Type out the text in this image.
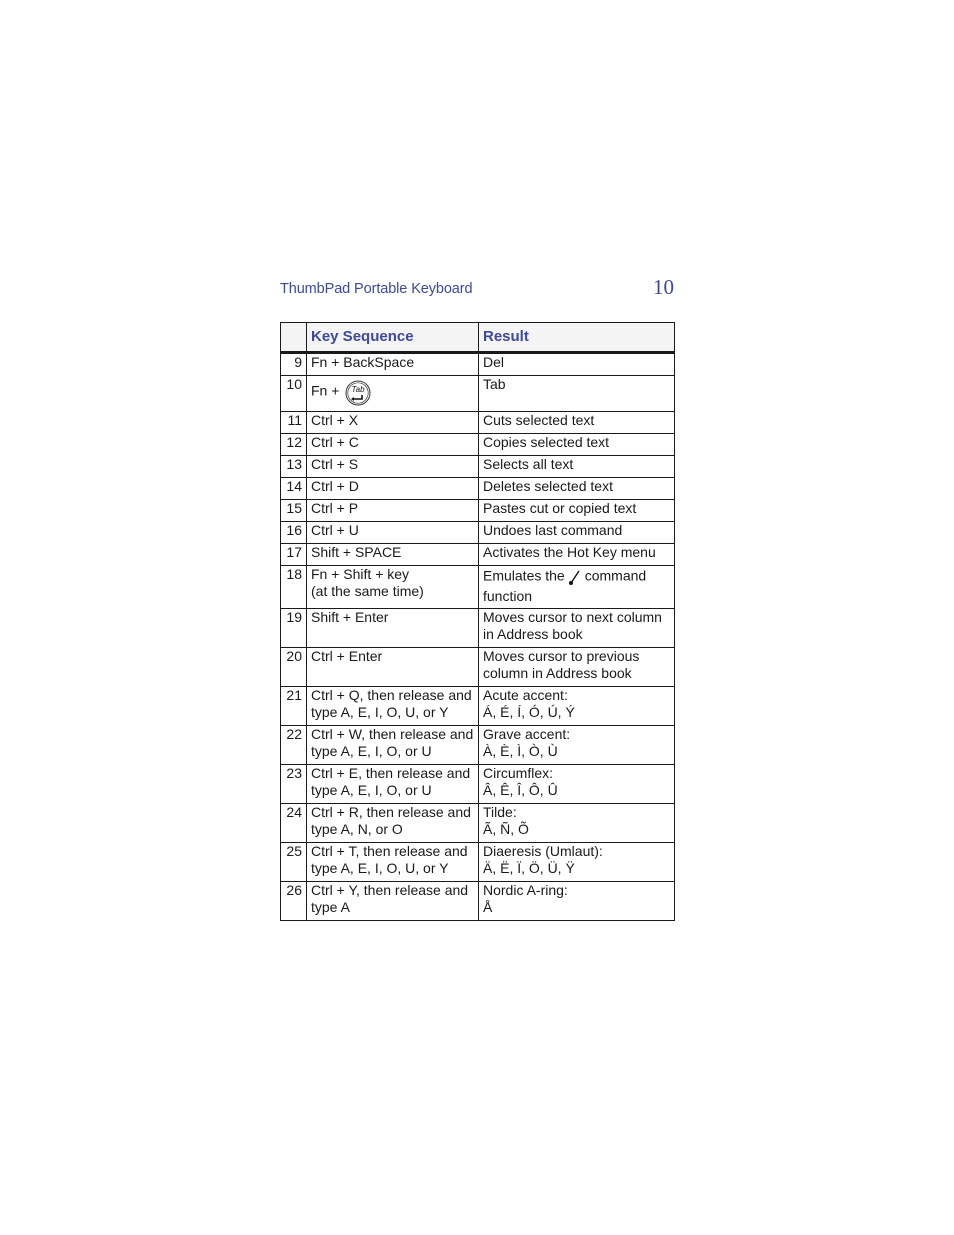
ThumbPad Portable Keyboard	10
	Key Sequence	Result
9	Fn + BackSpace	Del

10	Fn + Tab	Tab

11	Ctrl + X	Cuts selected text

12	Ctrl + C	Copies selected text

13	Ctrl + S	Selects all text

14	Ctrl + D	Deletes selected text

15	Ctrl + P	Pastes cut or copied text

16	Ctrl + U	Undoes last command

17	Shift + SPACE	Activates the Hot Key menu

18	Fn + Shift + key
(at the same time)	Emulates the command
function

19	Shift + Enter	Moves cursor to next column
in Address book

20	Ctrl + Enter	Moves cursor to previous
column in Address book

21	Ctrl + Q, then release and
type A, E, I, O, U, or Y	Acute accent:
Á, É, Í, Ó, Ú, Ý

22	Ctrl + W, then release and
type A, E, I, O, or U	Grave accent:
À, È, Ì, Ò, Ù

23	Ctrl + E, then release and
type A, E, I, O, or U	Circumflex:
Â, Ê, Î, Ô, Û

24	Ctrl + R, then release and
type A, N, or O	Tilde:
Ã, Ñ, Õ

25	Ctrl + T, then release and
type A, E, I, O, U, or Y	Diaeresis (Umlaut):
Ä, Ë, Ï, Ö, Ü, Ÿ

26	Ctrl + Y, then release and
type A	Nordic A-ring:
Å
